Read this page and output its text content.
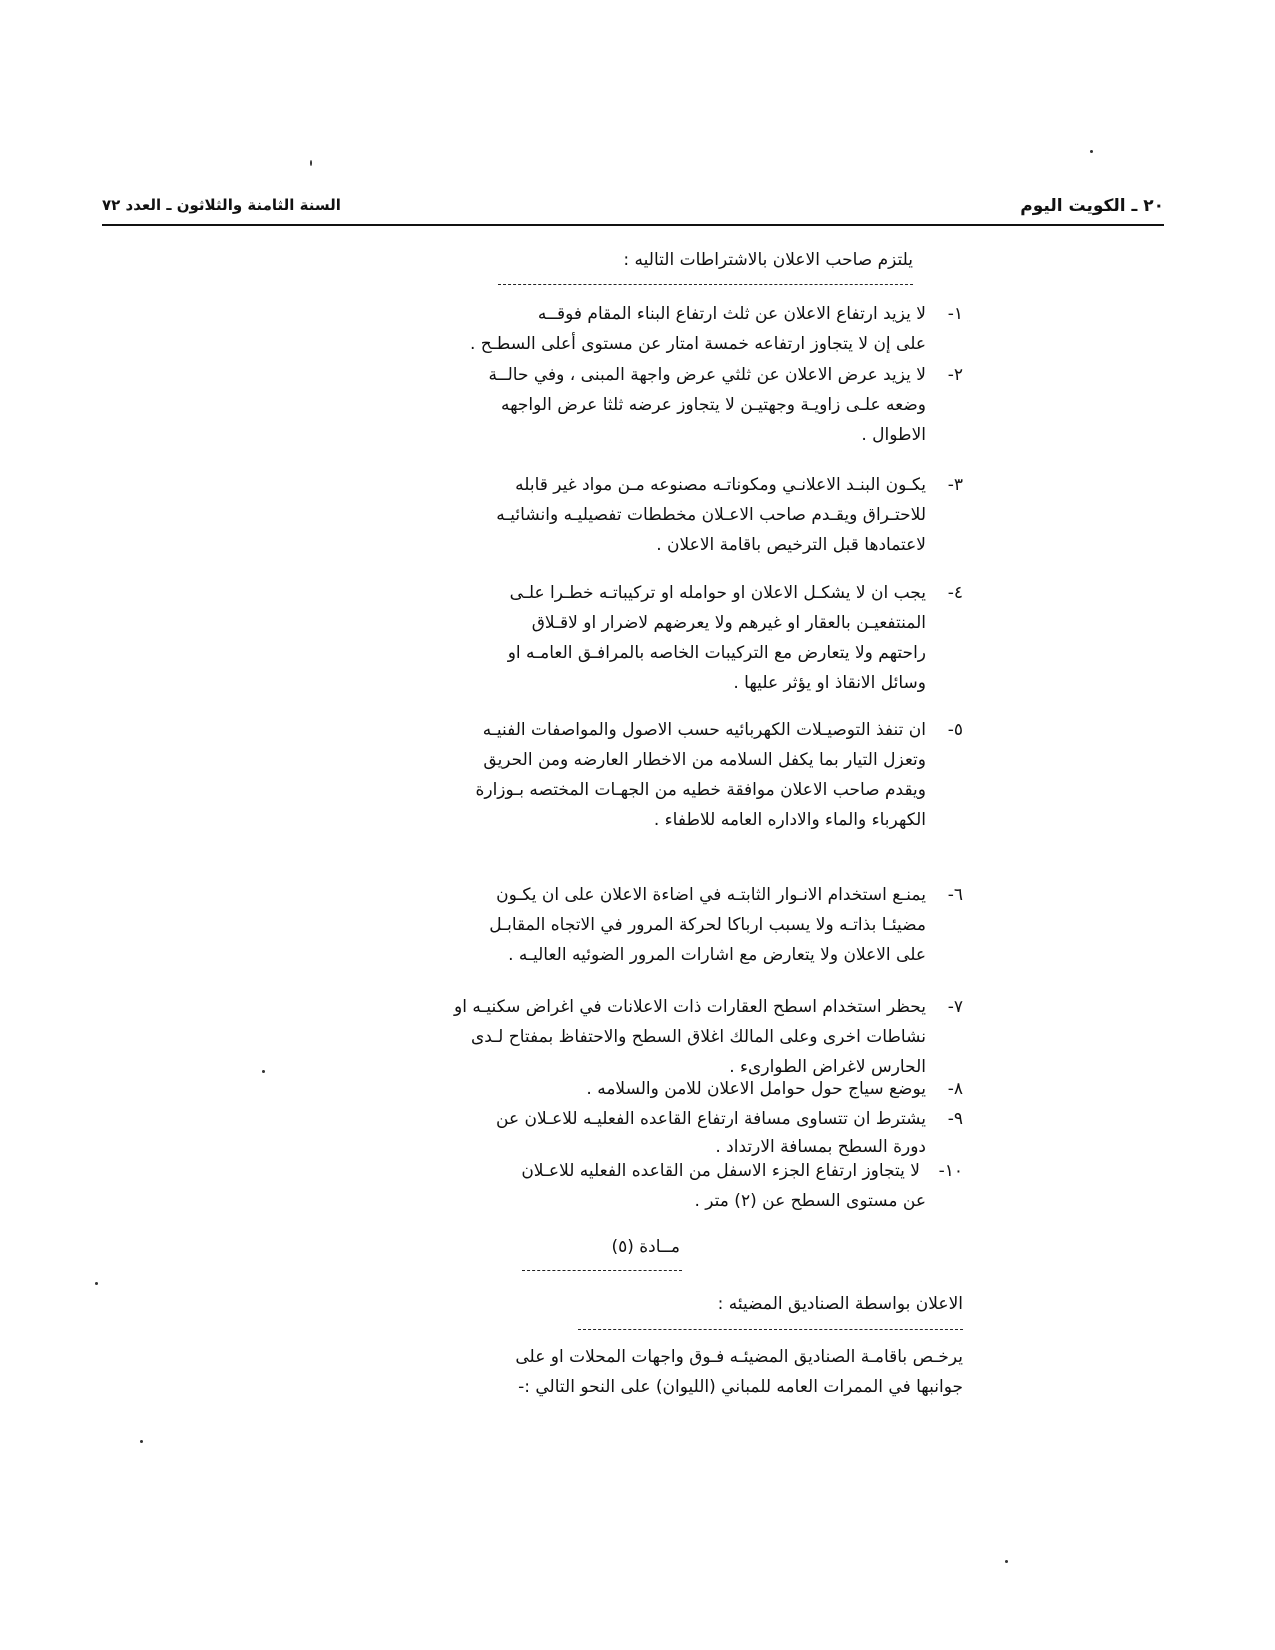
٢٠ ـ الكويت اليوم
السنة الثامنة والثلاثون ـ العدد ٧٢
يلتزم صاحب الاعلان بالاشتراطات التاليه :
١-
لا يزيد ارتفاع الاعلان عن ثلث ارتفاع البناء المقام فوقــه
على إن لا يتجاوز ارتفاعه خمسة امتار عن مستوى أعلى السطـح .
٢-
لا يزيد عرض الاعلان عن ثلثي عرض واجهة المبنى ، وفي حالــة
وضعه علـى زاويـة وجهتيـن لا يتجاوز عرضه ثلثا عرض الواجهه
الاطوال .
٣-
يكـون البنـد الاعلانـي ومكوناتـه مصنوعه مـن مواد غير قابله
للاحتـراق ويقـدم صاحب الاعـلان مخططات تفصيليـه وانشائيـه
لاعتمادها قبل الترخيص باقامة الاعلان .
٤-
يجب ان لا يشكـل الاعلان او حوامله او تركيباتـه خطـرا علـى
المنتفعيـن بالعقار او غيرهم ولا يعرضهم لاضرار او لاقـلاق
راحتهم ولا يتعارض مع التركيبات الخاصه بالمرافـق العامـه او
وسائل الانقاذ او يؤثر عليها .
٥-
ان تنفذ التوصيـلات الكهربائيه حسب الاصول والمواصفات الفنيـه
وتعزل التيار بما يكفل السلامه من الاخطار العارضه ومن الحريق
ويقدم صاحب الاعلان موافقة خطيه من الجهـات المختصه بـوزارة
الكهرباء والماء والاداره العامه للاطفاء .
٦-
يمنـع استخدام الانـوار الثابتـه في اضاءة الاعلان على ان يكـون
مضيئـا بذاتـه ولا يسبب ارباكا لحركة المرور في الاتجاه المقابـل
على الاعلان ولا يتعارض مع اشارات المرور الضوئيه العاليـه .
٧-
يحظر استخدام اسطح العقارات ذات الاعلانات في اغراض سكنيـه او
نشاطات اخرى وعلى المالك اغلاق السطح والاحتفاظ بمفتاح لـدى
الحارس لاغراض الطوارىء .
٨-
يوضع سياج حول حوامل الاعلان للامن والسلامه .
٩-
يشترط ان تتساوى مسافة ارتفاع القاعده الفعليـه للاعـلان عن
دورة السطح بمسافة الارتداد .
١٠-
لا يتجاوز ارتفاع الجزء الاسفل من القاعده الفعليه للاعـلان
عن مستوى السطح عن (٢) متر .
مــادة (٥)
الاعلان بواسطة الصناديق المضيئه :
يرخـص باقامـة الصناديق المضيئـه فـوق واجهات المحلات او على
جوانبها في الممرات العامه للمباني (الليوان) على النحو التالي :-
